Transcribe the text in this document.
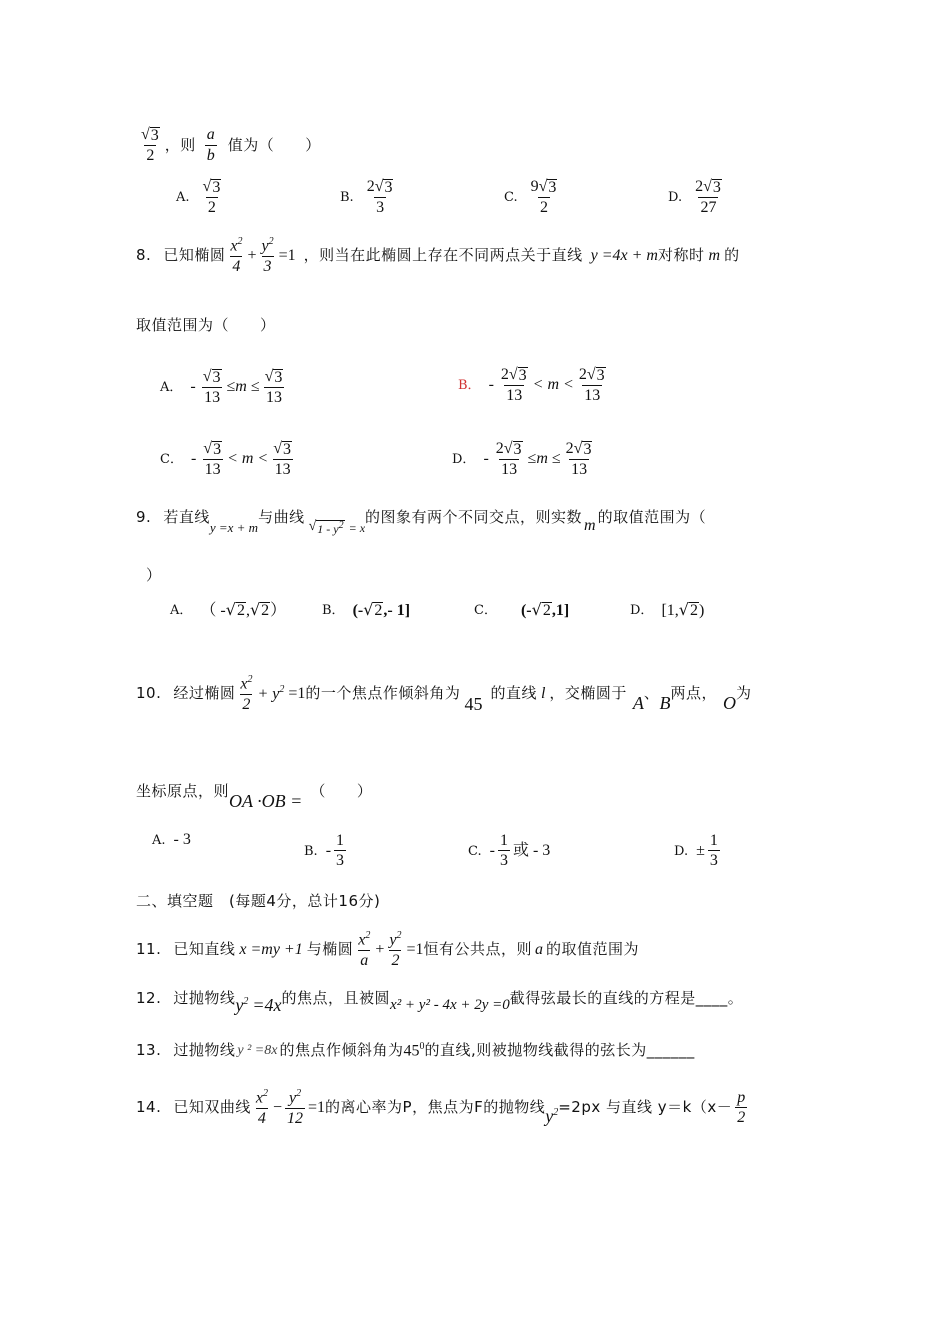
$\frac{√ 3}{2}$ ，则 $\frac{a}{b}$ 值为（　　）
A. $\frac{√ 3}{2}$	B. $\frac{2 √ 3}{3}$	C. $\frac{9 √ 3}{2}$	D. $\frac{2 √ 3}{27}$
8. 已知椭圆 $\frac{x^2}{4} + \frac{y^2}{3} =1$ ，则当在此椭圆上存在不同两点关于直线 y =4x + m 对称时 m 的
取值范围为（　　）
A． - $\frac{√ 3}{13} \le m \le \frac{√ 3}{13}$	B． - $\frac{2 √ 3}{13} < m < \frac{2 √ 3}{13}$
C． - $\frac{√ 3}{13} < m < \frac{√ 3}{13}$	D． - $\frac{2 √ 3}{13} \le m \le \frac{2 √ 3}{13}$
9. 若直线
y =x + m
与曲线
√ $1 - y^2 = x$
的图象有两个不同交点，则实数 m 的取值范围为（
）
A． （ - √ 2 , √ 2 ）	B． (- √ 2 ,- 1]	C． (- √ 2 ,1]	D． [1, √ 2 )
10. 经过椭圆 $\frac{x^2}{2} + y^2 =1$ 的一个焦点作倾斜角为
45
的直线 l ，交椭圆于 A 、 B 两点， O 为
坐标原点，则
OA ·OB =
（　　）
A. - 3
B. - $\frac{1}{3}$	C. - $\frac{1}{3}$ 或 - 3	D. ± $\frac{1}{3}$
二、填空题　(每题4分，总计16分)
11. 已知直线 x =my +1 与椭圆 $\frac{x^2}{a} + \frac{y^2}{2} =1$ 恒有公共点，则 a 的取值范围为
12. 过抛物线 $y^2 =4x$ 的焦点，且被圆 x² + y² - 4x + 2y =0 截得弦最长的直线的方程是____。
13. 过抛物线 y ² =8x 的焦点作倾斜角为 $45^0$ 的直线,则被抛物线截得的弦长为______
14. 已知双曲线 $\frac{x^2}{4} - \frac{y^2}{12} =1$ 的离心率为P，焦点为F的抛物线 $y^2 =2px$ 与直线 $y=k(x- \frac{p}{2}$
